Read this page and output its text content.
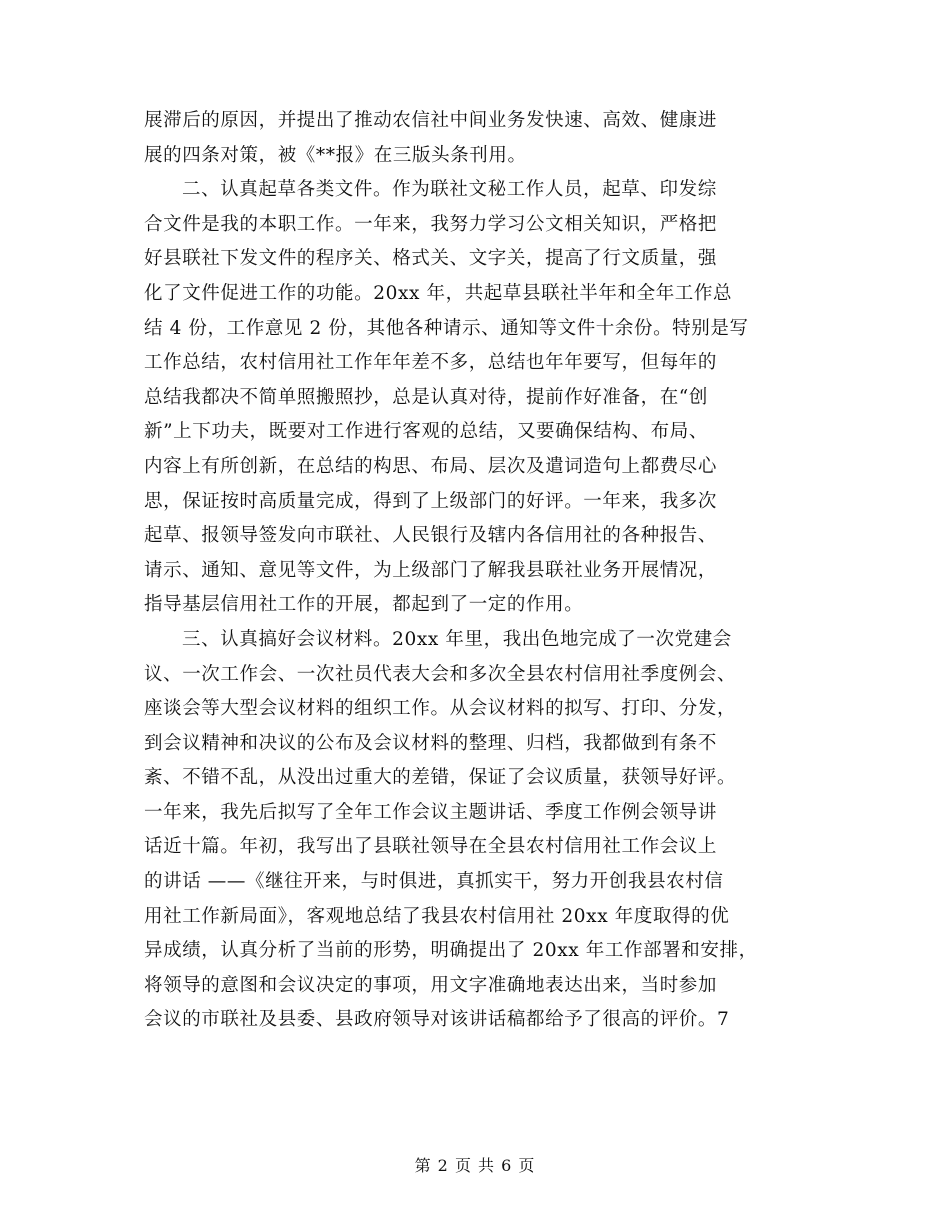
展滞后的原因，并提出了推动农信社中间业务发快速、高效、健康进
展的四条对策，被《**报》在三版头条刊用。
二、认真起草各类文件。作为联社文秘工作人员，起草、印发综
合文件是我的本职工作。一年来，我努力学习公文相关知识，严格把
好县联社下发文件的程序关、格式关、文字关，提高了行文质量，强
化了文件促进工作的功能。20xx 年，共起草县联社半年和全年工作总
结 4 份，工作意见 2 份，其他各种请示、通知等文件十余份。特别是写
工作总结，农村信用社工作年年差不多，总结也年年要写，但每年的
总结我都决不简单照搬照抄，总是认真对待，提前作好准备，在“创
新”上下功夫，既要对工作进行客观的总结，又要确保结构、布局、
内容上有所创新，在总结的构思、布局、层次及遣词造句上都费尽心
思，保证按时高质量完成，得到了上级部门的好评。一年来，我多次
起草、报领导签发向市联社、人民银行及辖内各信用社的各种报告、
请示、通知、意见等文件，为上级部门了解我县联社业务开展情况，
指导基层信用社工作的开展，都起到了一定的作用。
三、认真搞好会议材料。20xx 年里，我出色地完成了一次党建会
议、一次工作会、一次社员代表大会和多次全县农村信用社季度例会、
座谈会等大型会议材料的组织工作。从会议材料的拟写、打印、分发，
到会议精神和决议的公布及会议材料的整理、归档，我都做到有条不
紊、不错不乱，从没出过重大的差错，保证了会议质量，获领导好评。
一年来，我先后拟写了全年工作会议主题讲话、季度工作例会领导讲
话近十篇。年初，我写出了县联社领导在全县农村信用社工作会议上
的讲话 ——《继往开来，与时俱进，真抓实干，努力开创我县农村信
用社工作新局面》，客观地总结了我县农村信用社 20xx 年度取得的优
异成绩，认真分析了当前的形势，明确提出了 20xx 年工作部署和安排，
将领导的意图和会议决定的事项，用文字准确地表达出来，当时参加
会议的市联社及县委、县政府领导对该讲话稿都给予了很高的评价。7
第 2 页 共 6 页
